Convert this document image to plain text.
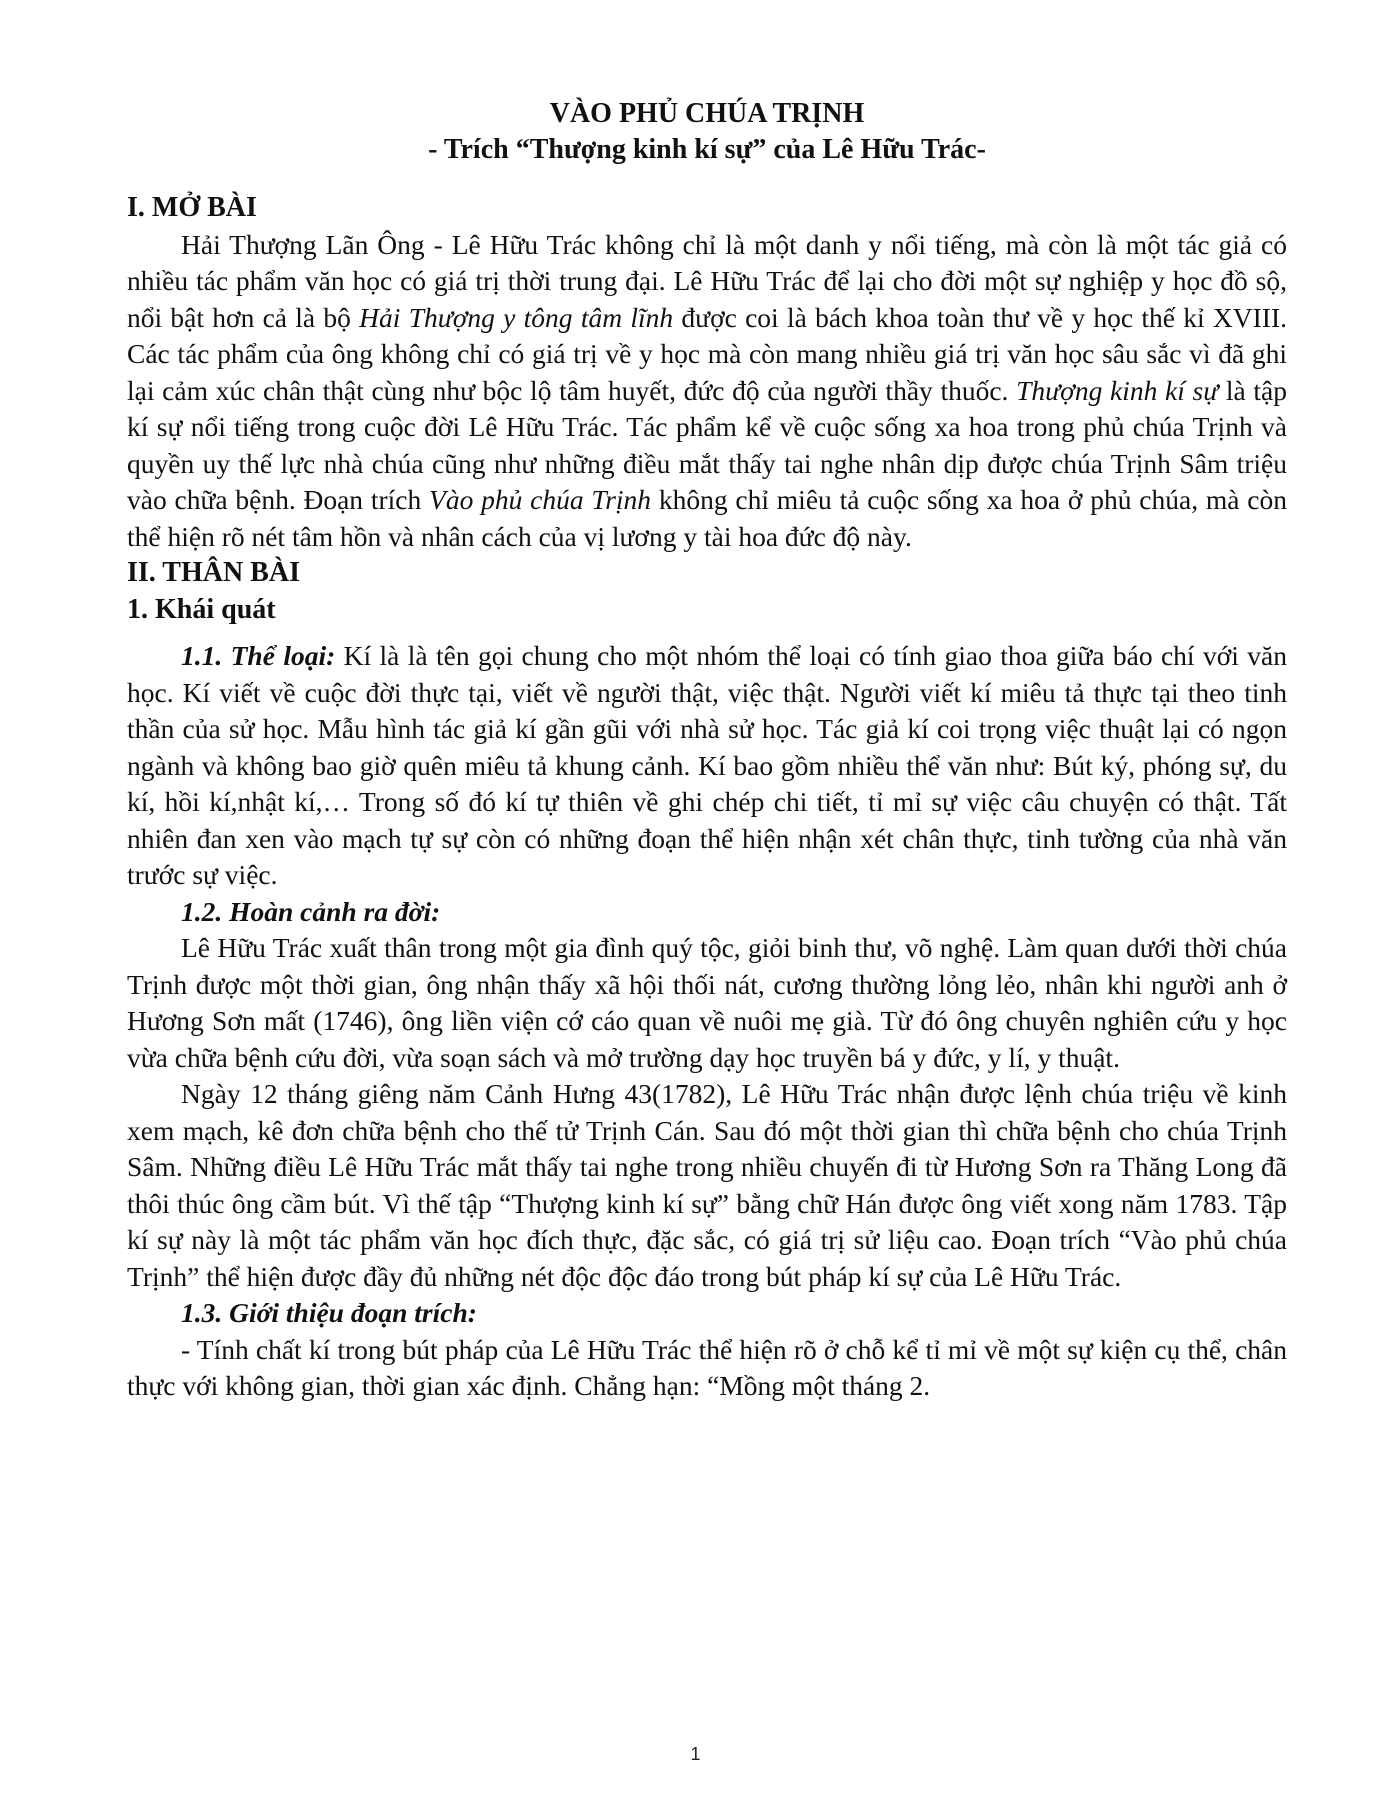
VÀO PHỦ CHÚA TRỊNH

- Trích “Thượng kinh kí sự” của Lê Hữu Trác-

I. MỞ BÀI

Hải Thượng Lãn Ông - Lê Hữu Trác không chỉ là một danh y nổi tiếng, mà còn là một tác giả có nhiều tác phẩm văn học có giá trị thời trung đại. Lê Hữu Trác để lại cho đời một sự nghiệp y học đồ sộ, nổi bật hơn cả là bộ Hải Thượng y tông tâm lĩnh được coi là bách khoa toàn thư về y học thế kỉ XVIII. Các tác phẩm của ông không chỉ có giá trị về y học mà còn mang nhiều giá trị văn học sâu sắc vì đã ghi lại cảm xúc chân thật cùng như bộc lộ tâm huyết, đức độ của người thầy thuốc. Thượng kinh kí sự là tập kí sự nổi tiếng trong cuộc đời Lê Hữu Trác. Tác phẩm kể về cuộc sống xa hoa trong phủ chúa Trịnh và quyền uy thế lực nhà chúa cũng như những điều mắt thấy tai nghe nhân dịp được chúa Trịnh Sâm triệu vào chữa bệnh. Đoạn trích Vào phủ chúa Trịnh không chỉ miêu tả cuộc sống xa hoa ở phủ chúa, mà còn thể hiện rõ nét tâm hồn và nhân cách của vị lương y tài hoa đức độ này.

II. THÂN BÀI
1. Khái quát

1.1. Thể loại: Kí là là tên gọi chung cho một nhóm thể loại có tính giao thoa giữa báo chí với văn học. Kí viết về cuộc đời thực tại, viết về người thật, việc thật. Người viết kí miêu tả thực tại theo tinh thần của sử học. Mẫu hình tác giả kí gần gũi với nhà sử học. Tác giả kí coi trọng việc thuật lại có ngọn ngành và không bao giờ quên miêu tả khung cảnh. Kí bao gồm nhiều thể văn như: Bút ký, phóng sự, du kí, hồi kí,nhật kí,… Trong số đó kí tự thiên về ghi chép chi tiết, tỉ mỉ sự việc câu chuyện có thật. Tất nhiên đan xen vào mạch tự sự còn có những đoạn thể hiện nhận xét chân thực, tinh tường của nhà văn trước sự việc.

1.2. Hoàn cảnh ra đời:

Lê Hữu Trác xuất thân trong một gia đình quý tộc, giỏi binh thư, võ nghệ. Làm quan dưới thời chúa Trịnh được một thời gian, ông nhận thấy xã hội thối nát, cương thường lỏng lẻo, nhân khi người anh ở Hương Sơn mất (1746), ông liền viện cớ cáo quan về nuôi mẹ già. Từ đó ông chuyên nghiên cứu y học vừa chữa bệnh cứu đời, vừa soạn sách và mở trường dạy học truyền bá y đức, y lí, y thuật.

Ngày 12 tháng giêng năm Cảnh Hưng 43(1782), Lê Hữu Trác nhận được lệnh chúa triệu về kinh xem mạch, kê đơn chữa bệnh cho thế tử Trịnh Cán. Sau đó một thời gian thì chữa bệnh cho chúa Trịnh Sâm. Những điều Lê Hữu Trác mắt thấy tai nghe trong nhiều chuyến đi từ Hương Sơn ra Thăng Long đã thôi thúc ông cầm bút. Vì thế tập “Thượng kinh kí sự” bằng chữ Hán được ông viết xong năm 1783. Tập kí sự này là một tác phẩm văn học đích thực, đặc sắc, có giá trị sử liệu cao. Đoạn trích “Vào phủ chúa Trịnh” thể hiện được đầy đủ những nét độc độc đáo trong bút pháp kí sự của Lê Hữu Trác.

1.3. Giới thiệu đoạn trích:

- Tính chất kí trong bút pháp của Lê Hữu Trác thể hiện rõ ở chỗ kể tỉ mỉ về một sự kiện cụ thể, chân thực với không gian, thời gian xác định. Chẳng hạn: “Mồng một tháng 2.

1
